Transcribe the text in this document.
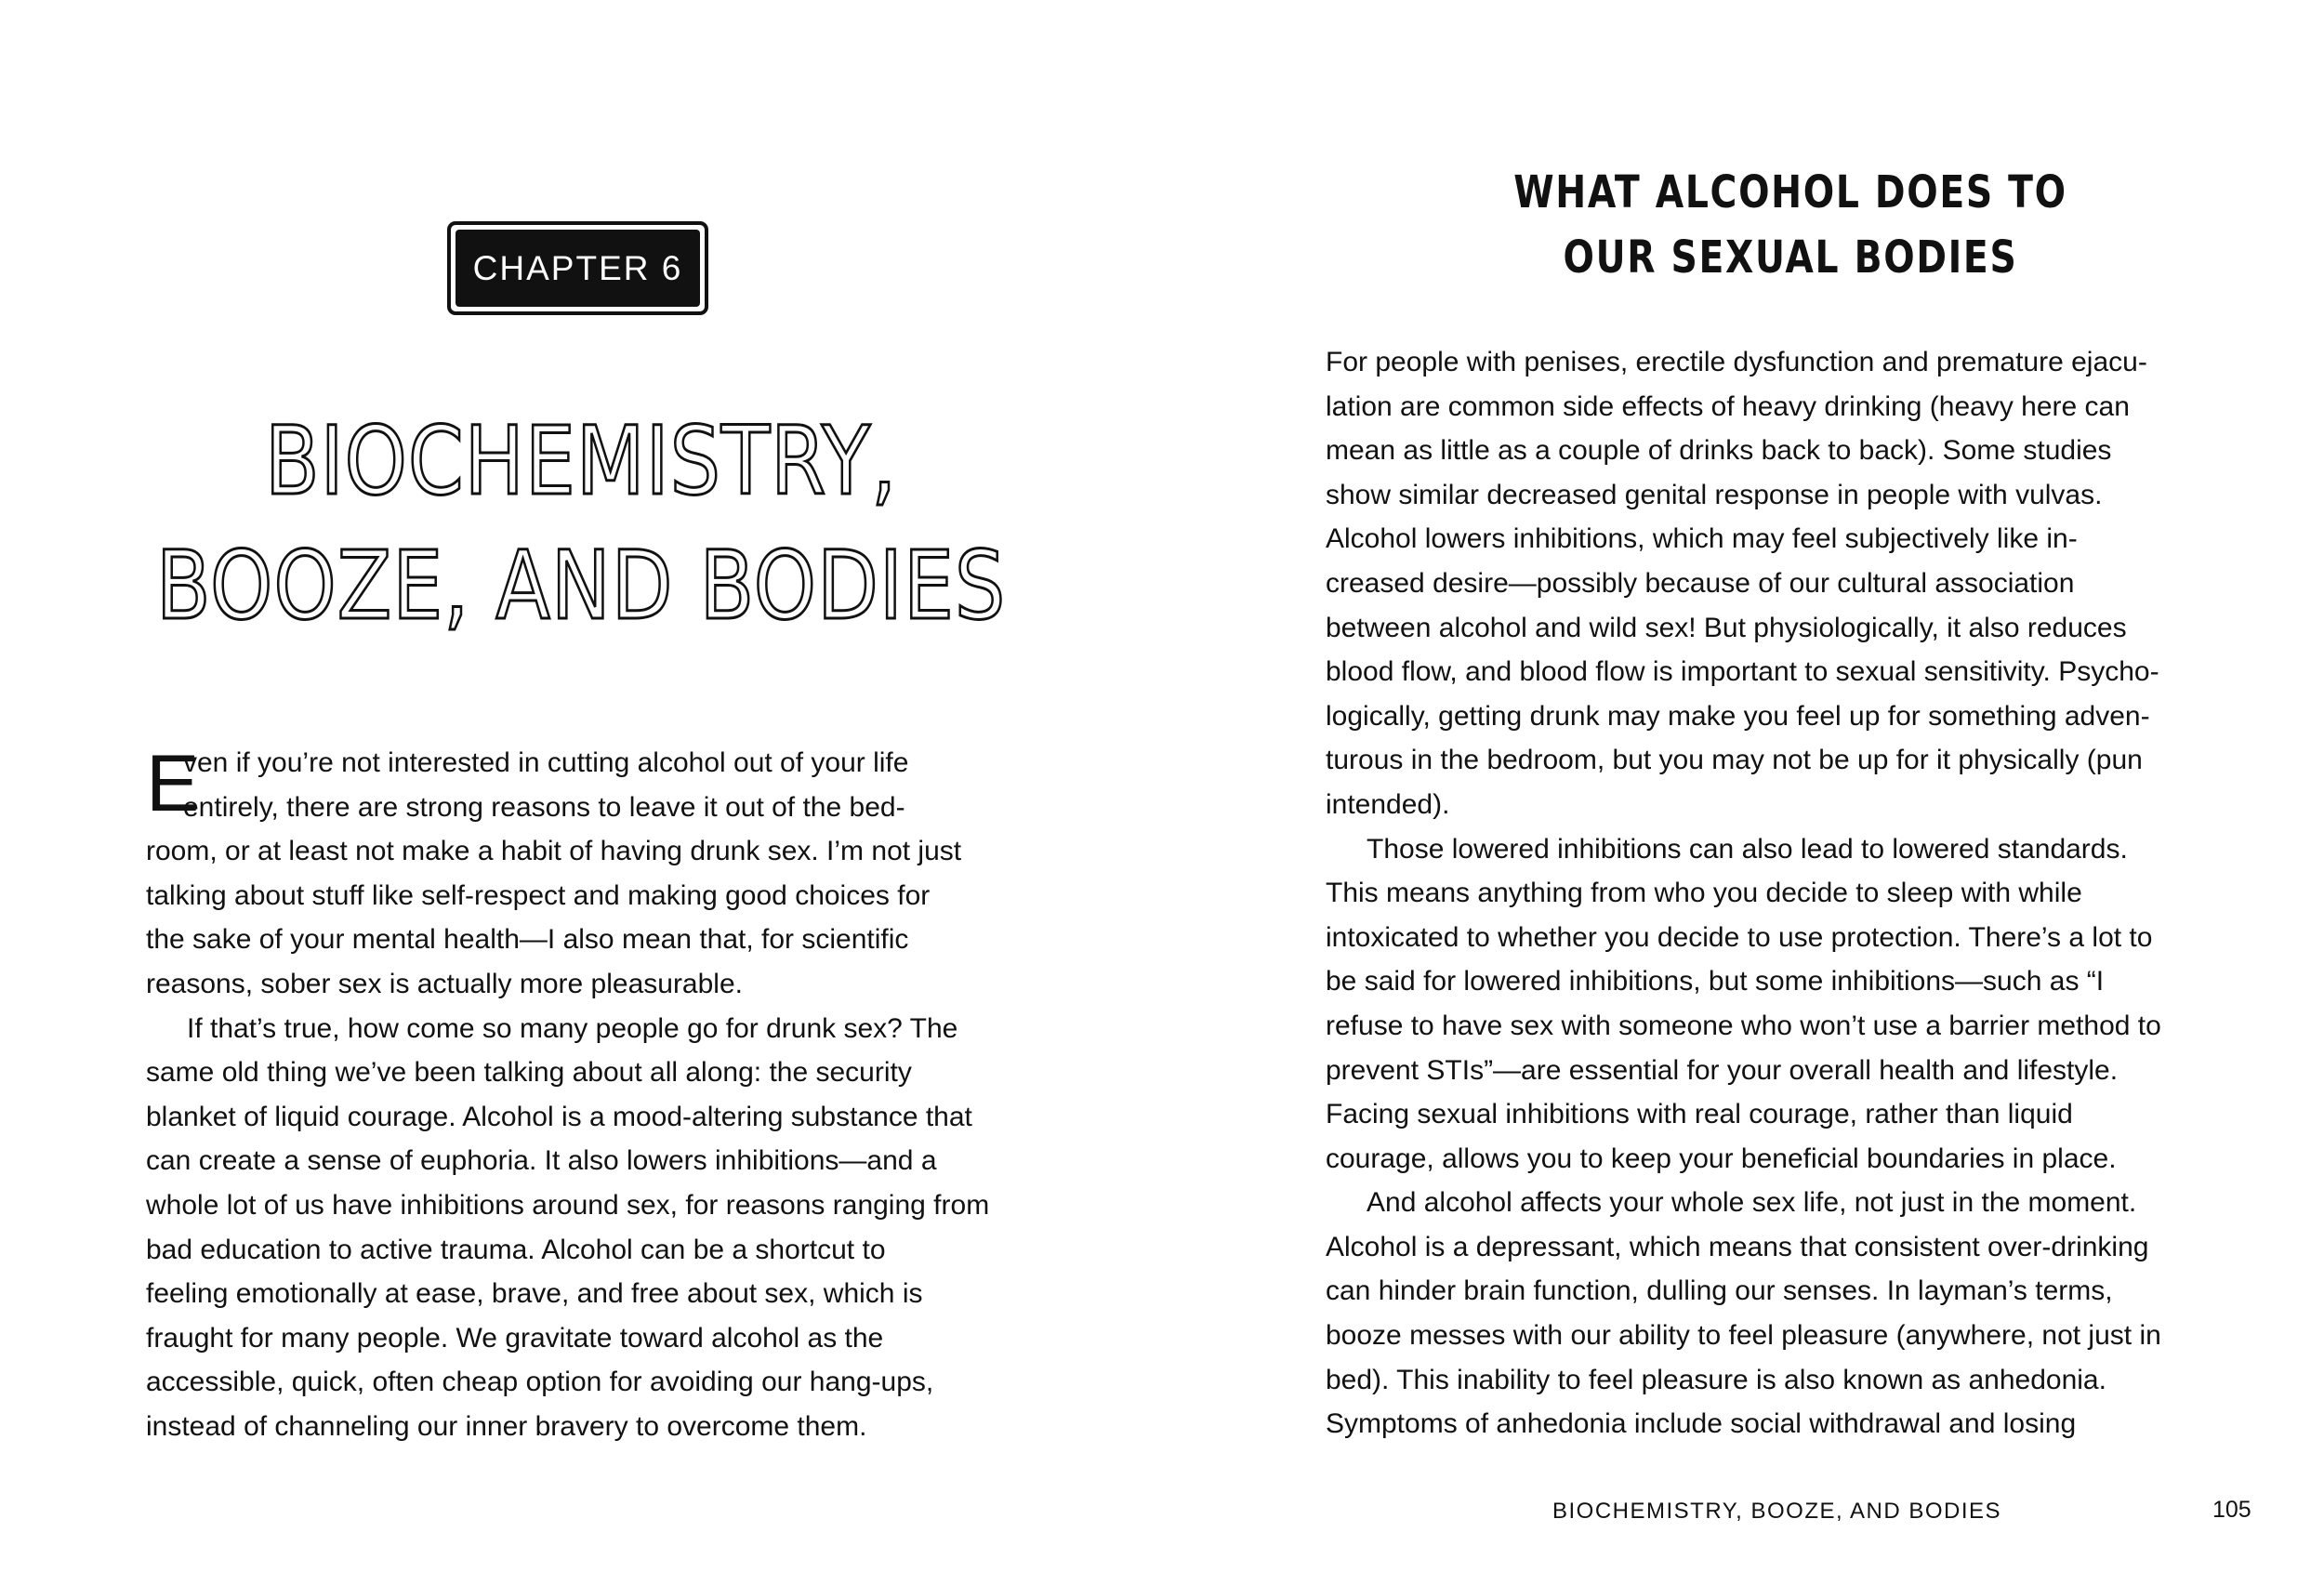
CHAPTER 6
BIOCHEMISTRY,
BOOZE, AND BODIES
E

ven if you’re not interested in cutting alcohol out of your life

entirely, there are strong reasons to leave it out of the bed-

room, or at least not make a habit of having drunk sex. I’m not just

talking about stuff like self-respect and making good choices for

the sake of your mental health—I also mean that, for scientific

reasons, sober sex is actually more pleasurable.

If that’s true, how come so many people go for drunk sex? The

same old thing we’ve been talking about all along: the security

blanket of liquid courage. Alcohol is a mood-altering substance that

can create a sense of euphoria. It also lowers inhibitions—and a

whole lot of us have inhibitions around sex, for reasons ranging from

bad education to active trauma. Alcohol can be a shortcut to

feeling emotionally at ease, brave, and free about sex, which is

fraught for many people. We gravitate toward alcohol as the

accessible, quick, often cheap option for avoiding our hang-ups,

instead of channeling our inner bravery to overcome them.

WHAT ALCOHOL DOES TO
OUR SEXUAL BODIES

For people with penises, erectile dysfunction and premature ejacu-

lation are common side effects of heavy drinking (heavy here can

mean as little as a couple of drinks back to back). Some studies

show similar decreased genital response in people with vulvas.

Alcohol lowers inhibitions, which may feel subjectively like in-

creased desire—possibly because of our cultural association

between alcohol and wild sex! But physiologically, it also reduces

blood flow, and blood flow is important to sexual sensitivity. Psycho-

logically, getting drunk may make you feel up for something adven-

turous in the bedroom, but you may not be up for it physically (pun

intended).

Those lowered inhibitions can also lead to lowered standards.

This means anything from who you decide to sleep with while

intoxicated to whether you decide to use protection. There’s a lot to

be said for lowered inhibitions, but some inhibitions—such as “I

refuse to have sex with someone who won’t use a barrier method to

prevent STIs”—are essential for your overall health and lifestyle.

Facing sexual inhibitions with real courage, rather than liquid

courage, allows you to keep your beneficial boundaries in place.

And alcohol affects your whole sex life, not just in the moment.

Alcohol is a depressant, which means that consistent over-drinking

can hinder brain function, dulling our senses. In layman’s terms,

booze messes with our ability to feel pleasure (anywhere, not just in

bed). This inability to feel pleasure is also known as anhedonia.

Symptoms of anhedonia include social withdrawal and losing

BIOCHEMISTRY, BOOZE, AND BODIES	105
